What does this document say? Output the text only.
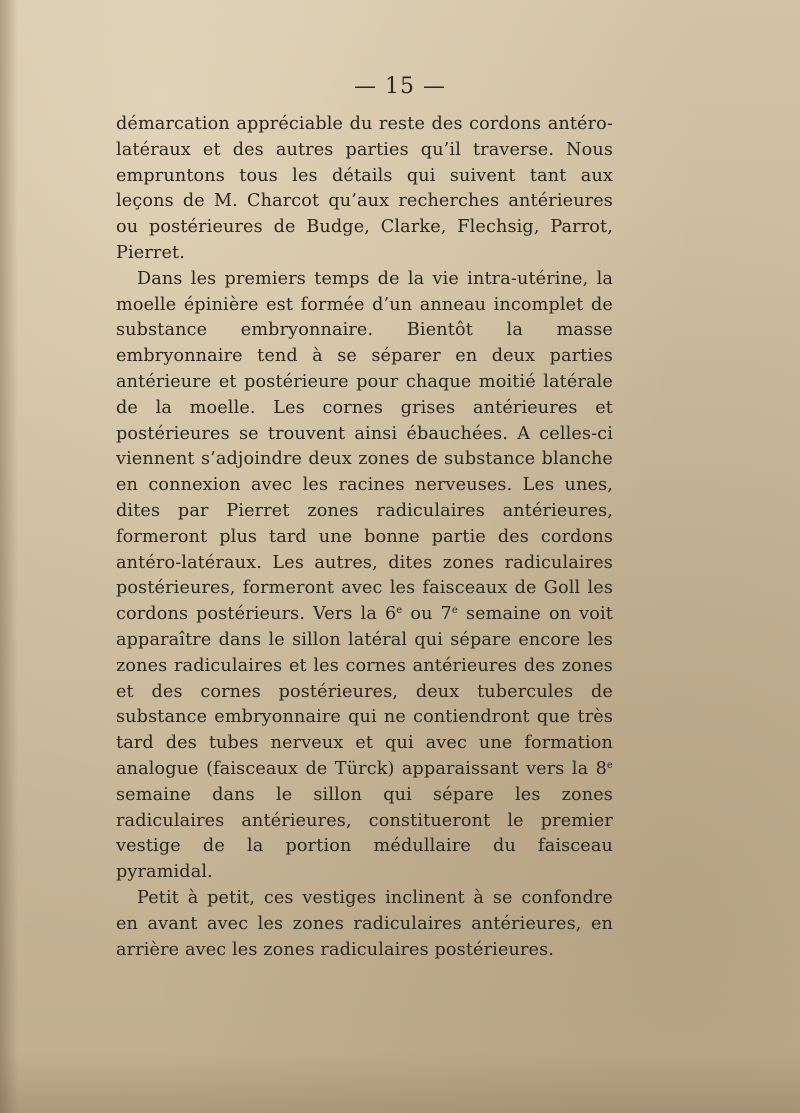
— 15 —

démarcation appréciable du reste des cordons antéro-latéraux et des autres parties qu’il traverse. Nous empruntons tous les détails qui suivent tant aux leçons de M. Charcot qu’aux recherches antérieures ou postérieures de Budge, Clarke, Flechsig, Parrot, Pierret.

Dans les premiers temps de la vie intra-utérine, la moelle épinière est formée d’un anneau incomplet de substance embryonnaire. Bientôt la masse embryonnaire tend à se séparer en deux parties antérieure et postérieure pour chaque moitié latérale de la moelle. Les cornes grises antérieures et postérieures se trouvent ainsi ébauchées. A celles-ci viennent s’adjoindre deux zones de substance blanche en connexion avec les racines nerveuses. Les unes, dites par Pierret zones radiculaires antérieures, formeront plus tard une bonne partie des cordons antéro-latéraux. Les autres, dites zones radiculaires postérieures, formeront avec les faisceaux de Goll les cordons postérieurs. Vers la 6e ou 7e semaine on voit apparaître dans le sillon latéral qui sépare encore les zones radiculaires et les cornes antérieures des zones et des cornes postérieures, deux tubercules de substance embryonnaire qui ne contiendront que très tard des tubes nerveux et qui avec une formation analogue (faisceaux de Türck) apparaissant vers la 8e semaine dans le sillon qui sépare les zones radiculaires antérieures, constitueront le premier vestige de la portion médullaire du faisceau pyramidal.

Petit à petit, ces vestiges inclinent à se confondre en avant avec les zones radiculaires antérieures, en arrière avec les zones radiculaires postérieures.
